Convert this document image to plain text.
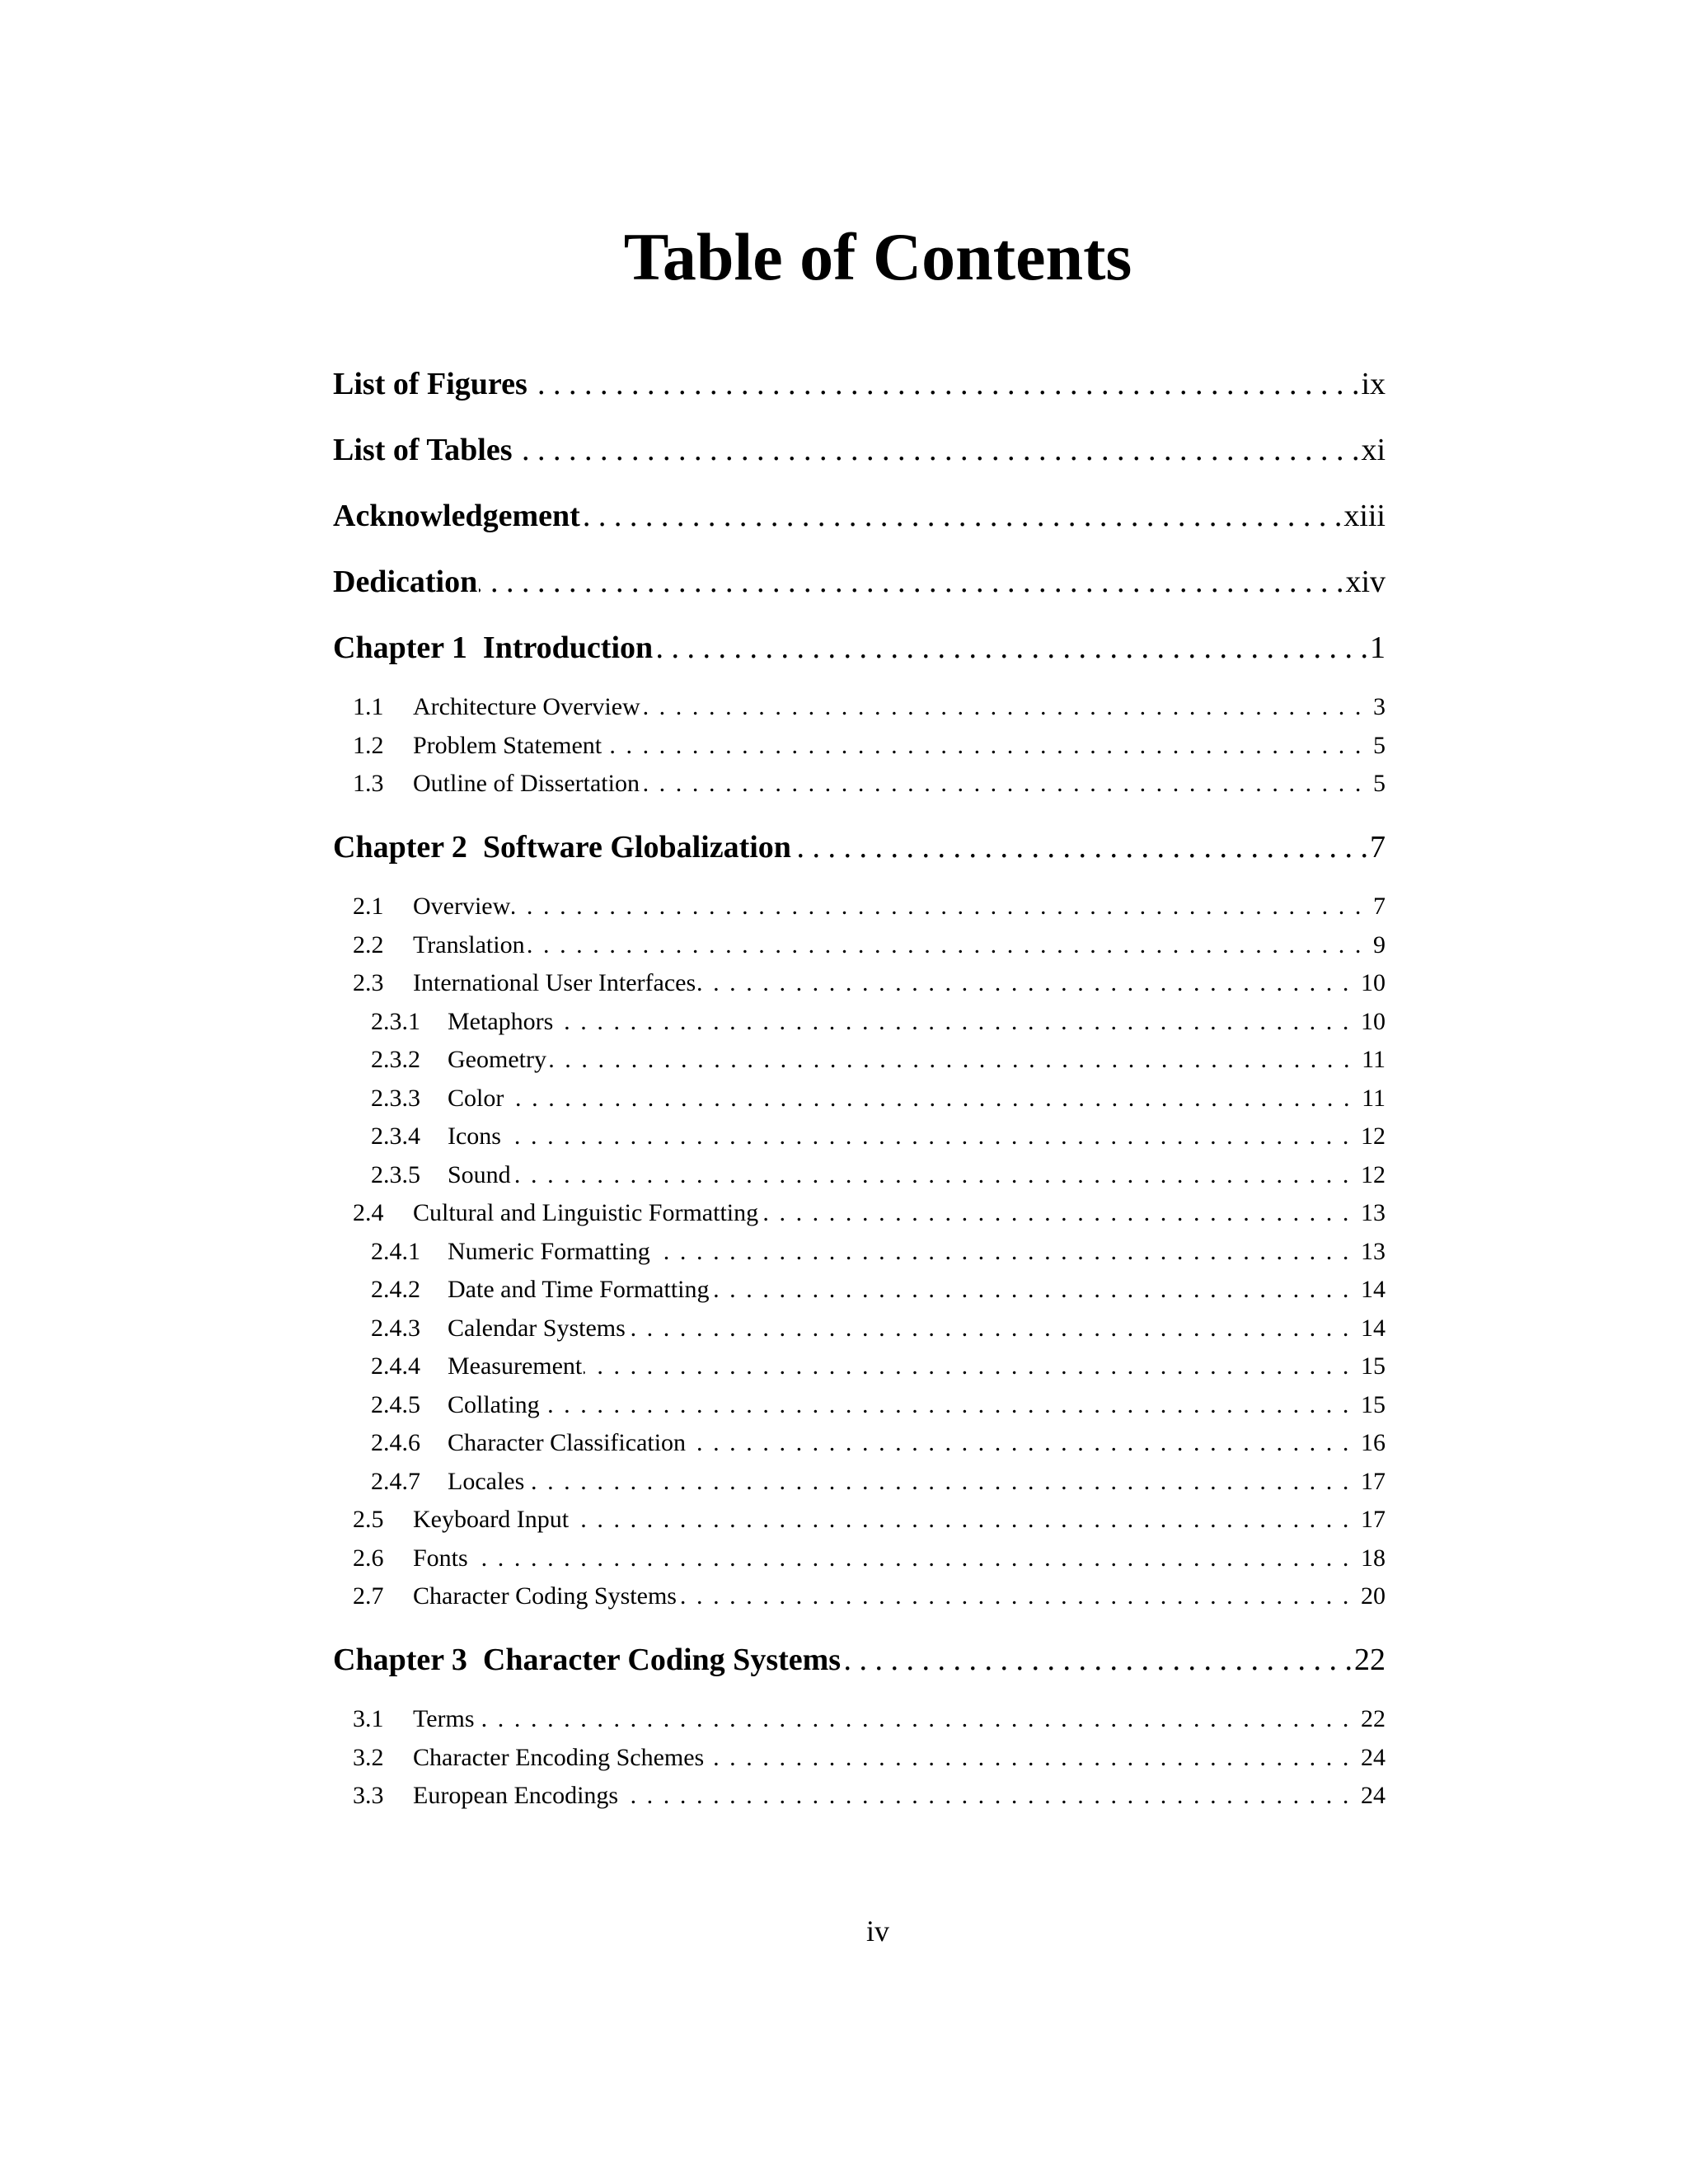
Table of Contents
List of Figures . . .	ix
List of Tables . . .	xi
Acknowledgement . . .	xiii
Dedication . . .	xiv
Chapter 1  Introduction . . .	1
1.1	Architecture Overview .....	3
1.2	Problem Statement .....	5
1.3	Outline of Dissertation .....	5
Chapter 2  Software Globalization . . .	7
2.1	Overview .....	7
2.2	Translation .....	9
2.3	International User Interfaces .....	10
2.3.1	Metaphors .....	10
2.3.2	Geometry .....	11
2.3.3	Color .....	11
2.3.4	Icons .....	12
2.3.5	Sound .....	12
2.4	Cultural and Linguistic Formatting .....	13
2.4.1	Numeric Formatting .....	13
2.4.2	Date and Time Formatting .....	14
2.4.3	Calendar Systems .....	14
2.4.4	Measurement .....	15
2.4.5	Collating .....	15
2.4.6	Character Classification .....	16
2.4.7	Locales .....	17
2.5	Keyboard Input .....	17
2.6	Fonts .....	18
2.7	Character Coding Systems .....	20
Chapter 3  Character Coding Systems . . .	22
3.1	Terms .....	22
3.2	Character Encoding Schemes .....	24
3.3	European Encodings .....	24
iv
